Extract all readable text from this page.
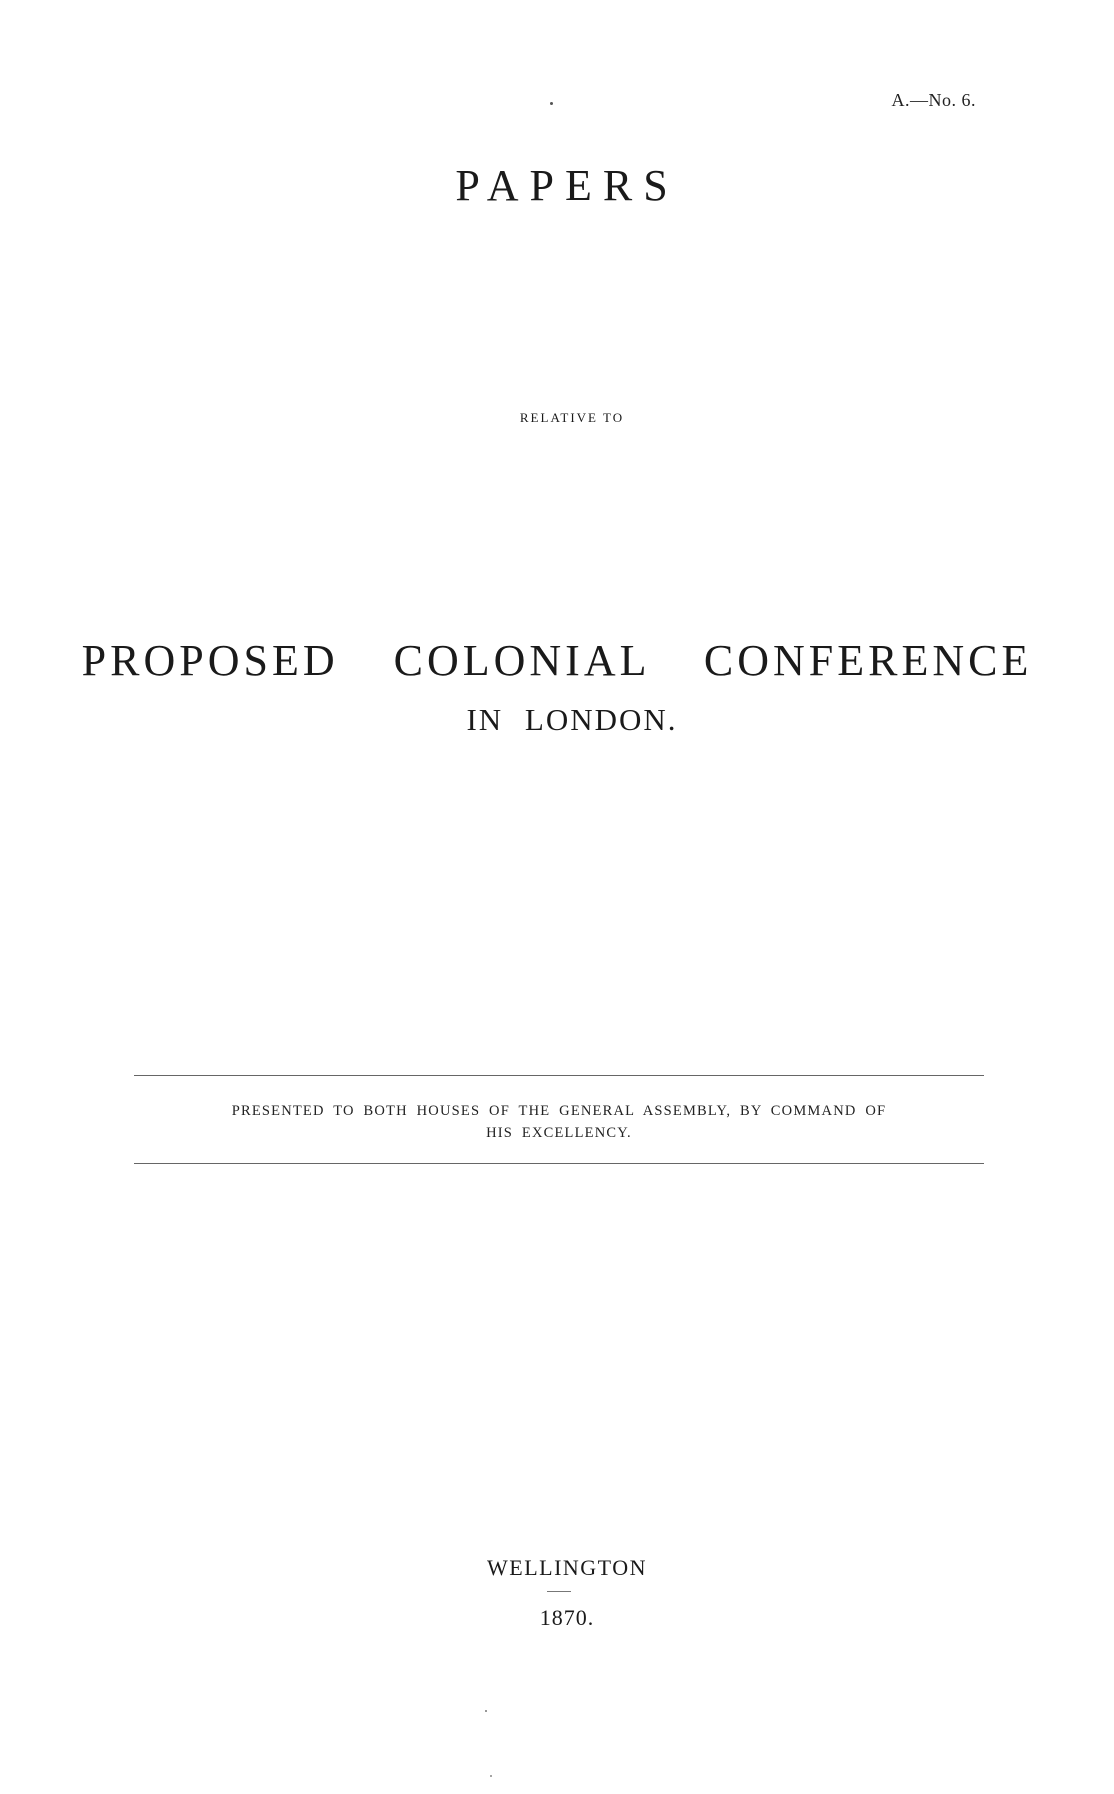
A.—No. 6.
PAPERS
RELATIVE TO
PROPOSED COLONIAL CONFERENCE
IN LONDON.
PRESENTED TO BOTH HOUSES OF THE GENERAL ASSEMBLY, BY COMMAND OF
HIS EXCELLENCY.
WELLINGTON
1870.
